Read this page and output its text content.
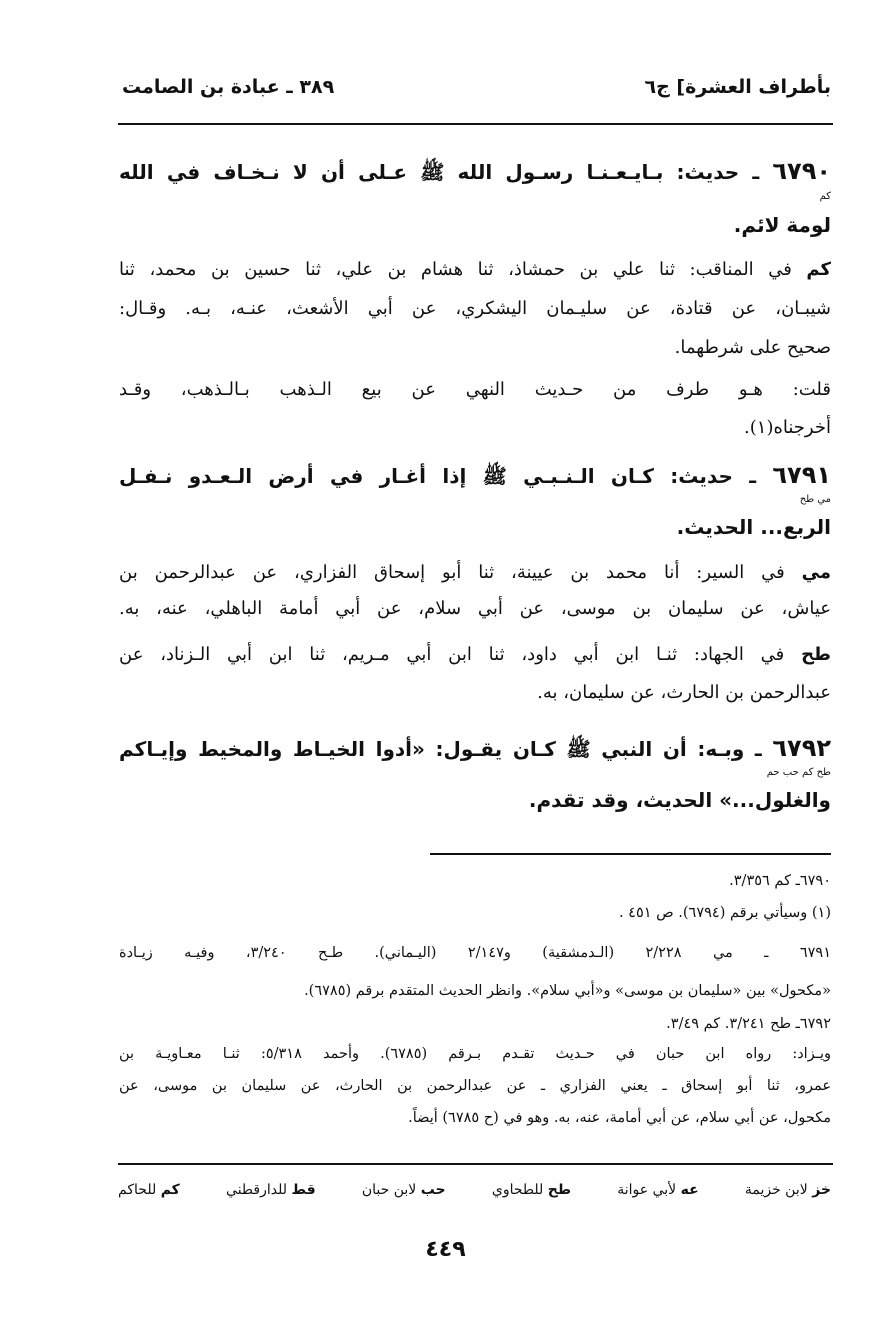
بأطراف العشرة] ج٦
٣٨٩ ـ عبادة بن الصامت
٦٧٩٠ ـ حديث: بـايـعـنـا رسـول الله ﷺ عـلى أن لا نـخـاف في الله
كم
لومة لائم.
كم في المناقب: ثنا علي بن حمشاذ، ثنا هشام بن علي، ثنا حسين بن محمد، ثنا
شيبـان، عن قتادة، عن سليـمان اليشكري، عن أبي الأشعث، عنـه، بـه. وقـال:
صحيح على شرطهما.
قلت: هـو طرف من حـديث النهي عن بيع الـذهب بـالـذهب، وقـد
أخرجناه(١).
٦٧٩١ ـ حديث: كـان الـنـبـي ﷺ إذا أغـار في أرض الـعـدو نـفـل
مي طح
الربع... الحديث.
مي في السير: أنا محمد بن عيينة، ثنا أبو إسحاق الفزاري، عن عبدالرحمن بن
عياش، عن سليمان بن موسى، عن أبي سلام، عن أبي أمامة الباهلي، عنه، به.
طح في الجهاد: ثنـا ابن أبي داود، ثنا ابن أبي مـريم، ثنا ابن أبي الـزناد، عن
عبدالرحمن بن الحارث، عن سليمان، به.
٦٧٩٢ ـ وبـه: أن النبي ﷺ كـان يقـول: «أدوا الخيـاط والمخيط وإيـاكم
طح كم حب حم
والغلول...» الحديث، وقد تقدم.
٦٧٩٠ـ كم ٣/٣٥٦.
(١) وسيأتي برقم (٦٧٩٤). ص ٤٥١ .
٦٧٩١ ـ مي ٢/٢٢٨ (الـدمشقية) و٢/١٤٧ (اليـماني). طـح ٣/٢٤٠، وفيـه زيـادة
«مكحول» بين «سليمان بن موسى» و«أبي سلام». وانظر الحديث المتقدم برقم (٦٧٨٥).
٦٧٩٢ـ طح ٣/٢٤١. كم ٣/٤٩.
ويـزاد: رواه ابن حبان في حـديث تقـدم بـرقم (٦٧٨٥). وأحمد ٥/٣١٨: ثنـا معـاويـة بن
عمرو، ثنا أبو إسحاق ـ يعني الفزاري ـ عن عبدالرحمن بن الحارث، عن سليمان بن موسى، عن
مكحول، عن أبي سلام، عن أبي أمامة، عنه، به. وهو في (ح ٦٧٨٥) أيضاً.
خز لابن خزيمة
عه لأبي عوانة
طح للطحاوي
حب لابن حبان
قط للدارقطني
كم للحاكم
٤٤٩
